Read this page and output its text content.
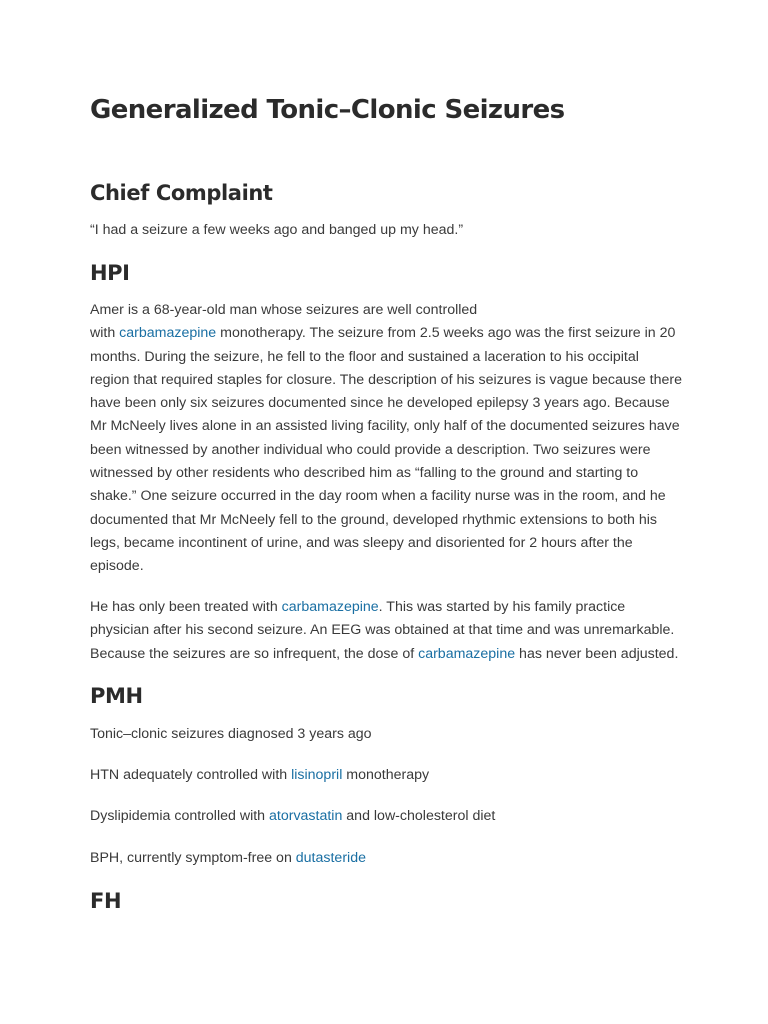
Generalized Tonic–Clonic Seizures
Chief Complaint

“I had a seizure a few weeks ago and banged up my head.”

HPI

Amer is a 68-year-old man whose seizures are well controlled
with carbamazepine monotherapy. The seizure from 2.5 weeks ago was the first seizure in 20 months. During the seizure, he fell to the floor and sustained a laceration to his occipital region that required staples for closure. The description of his seizures is vague because there have been only six seizures documented since he developed epilepsy 3 years ago. Because Mr McNeely lives alone in an assisted living facility, only half of the documented seizures have been witnessed by another individual who could provide a description. Two seizures were witnessed by other residents who described him as “falling to the ground and starting to shake.” One seizure occurred in the day room when a facility nurse was in the room, and he documented that Mr McNeely fell to the ground, developed rhythmic extensions to both his legs, became incontinent of urine, and was sleepy and disoriented for 2 hours after the episode.

He has only been treated with carbamazepine. This was started by his family practice physician after his second seizure. An EEG was obtained at that time and was unremarkable. Because the seizures are so infrequent, the dose of carbamazepine has never been adjusted.

PMH

Tonic–clonic seizures diagnosed 3 years ago

HTN adequately controlled with lisinopril monotherapy

Dyslipidemia controlled with atorvastatin and low-cholesterol diet

BPH, currently symptom-free on dutasteride

FH
